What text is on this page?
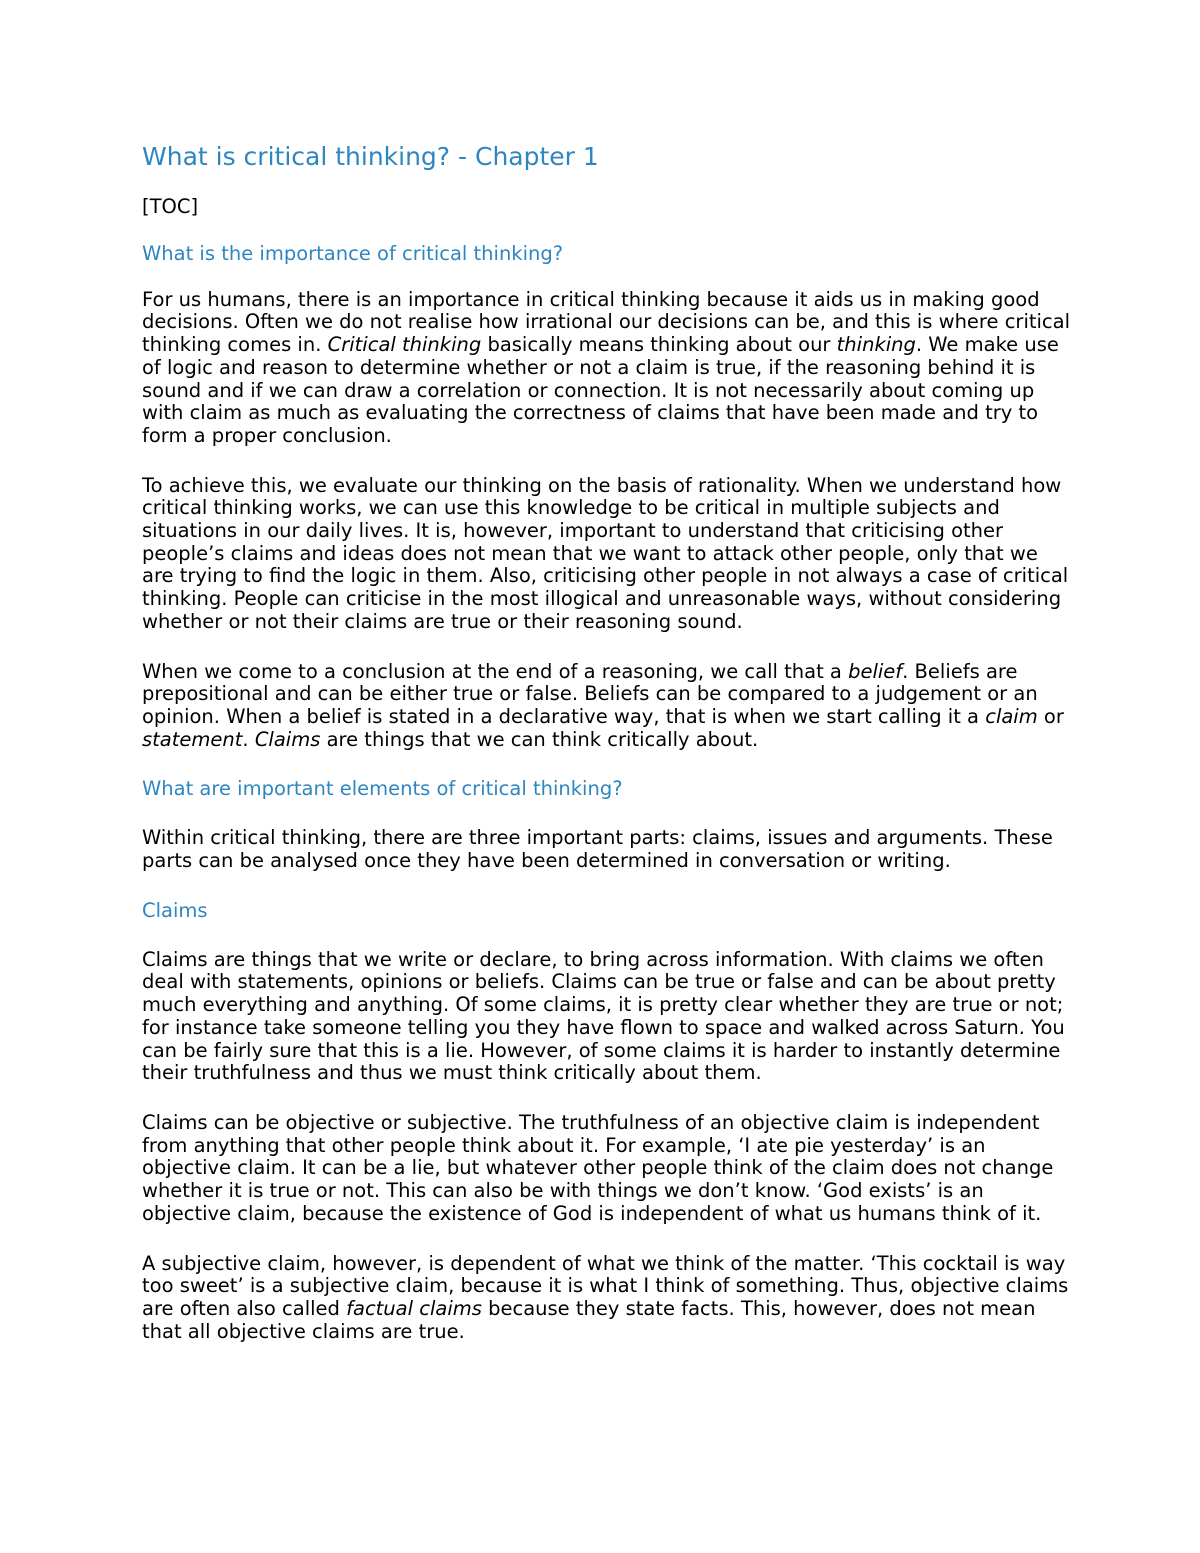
What is critical thinking? - Chapter 1

[TOC]

What is the importance of critical thinking?

For us humans, there is an importance in critical thinking because it aids us in making good decisions. Often we do not realise how irrational our decisions can be, and this is where critical thinking comes in. Critical thinking basically means thinking about our thinking. We make use of logic and reason to determine whether or not a claim is true, if the reasoning behind it is sound and if we can draw a correlation or connection. It is not necessarily about coming up with claim as much as evaluating the correctness of claims that have been made and try to form a proper conclusion.

To achieve this, we evaluate our thinking on the basis of rationality. When we understand how critical thinking works, we can use this knowledge to be critical in multiple subjects and situations in our daily lives. It is, however, important to understand that criticising other people’s claims and ideas does not mean that we want to attack other people, only that we are trying to find the logic in them. Also, criticising other people in not always a case of critical thinking. People can criticise in the most illogical and unreasonable ways, without considering whether or not their claims are true or their reasoning sound.

When we come to a conclusion at the end of a reasoning, we call that a belief. Beliefs are prepositional and can be either true or false. Beliefs can be compared to a judgement or an opinion. When a belief is stated in a declarative way, that is when we start calling it a claim or statement. Claims are things that we can think critically about.

What are important elements of critical thinking?

Within critical thinking, there are three important parts: claims, issues and arguments. These parts can be analysed once they have been determined in conversation or writing.

Claims

Claims are things that we write or declare, to bring across information. With claims we often deal with statements, opinions or beliefs. Claims can be true or false and can be about pretty much everything and anything. Of some claims, it is pretty clear whether they are true or not; for instance take someone telling you they have flown to space and walked across Saturn. You can be fairly sure that this is a lie. However, of some claims it is harder to instantly determine their truthfulness and thus we must think critically about them.

Claims can be objective or subjective. The truthfulness of an objective claim is independent from anything that other people think about it. For example, ‘I ate pie yesterday’ is an objective claim. It can be a lie, but whatever other people think of the claim does not change whether it is true or not. This can also be with things we don’t know. ‘God exists’ is an objective claim, because the existence of God is independent of what us humans think of it.

A subjective claim, however, is dependent of what we think of the matter. ‘This cocktail is way too sweet’ is a subjective claim, because it is what I think of something. Thus, objective claims are often also called factual claims because they state facts. This, however, does not mean that all objective claims are true.
